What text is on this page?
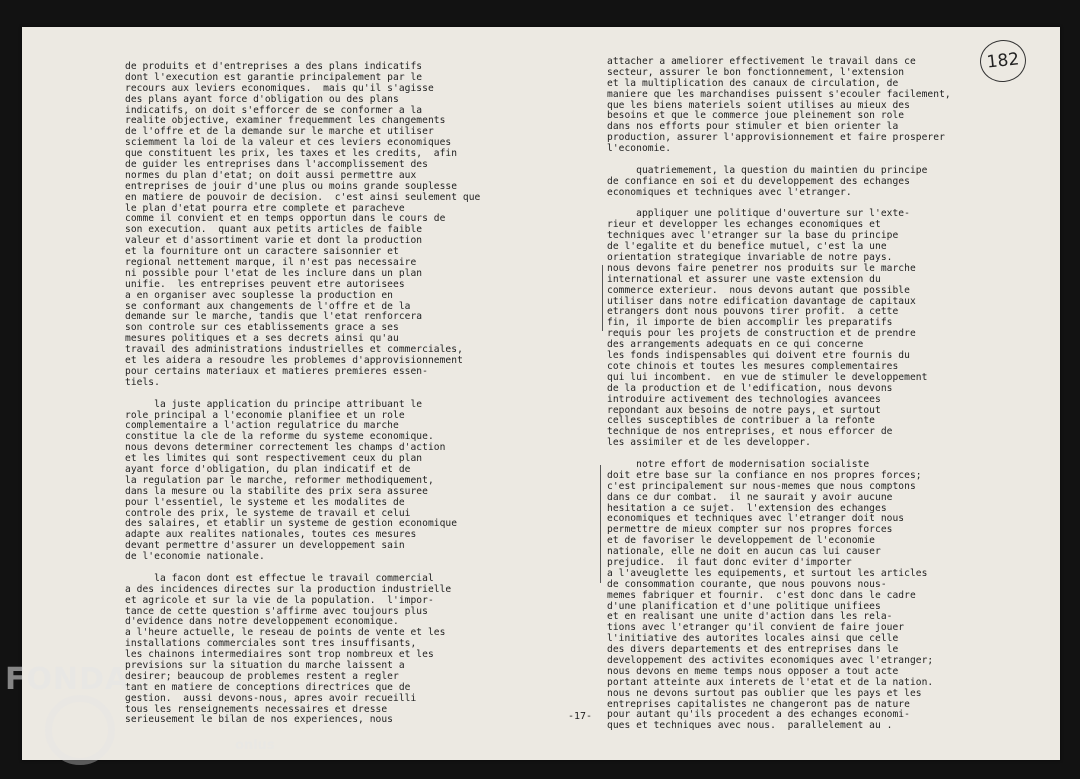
182
de produits et d'entreprises a des plans indicatifs
dont l'execution est garantie principalement par le
recours aux leviers economiques.  mais qu'il s'agisse
des plans ayant force d'obligation ou des plans
indicatifs, on doit s'efforcer de se conformer a la
realite objective, examiner frequemment les changements
de l'offre et de la demande sur le marche et utiliser
sciemment la loi de la valeur et ces leviers economiques
que constituent les prix, les taxes et les credits,  afin
de guider les entreprises dans l'accomplissement des
normes du plan d'etat; on doit aussi permettre aux
entreprises de jouir d'une plus ou moins grande souplesse
en matiere de pouvoir de decision.  c'est ainsi seulement que
le plan d'etat pourra etre complete et paracheve
comme il convient et en temps opportun dans le cours de
son execution.  quant aux petits articles de faible
valeur et d'assortiment varie et dont la production
et la fourniture ont un caractere saisonnier et
regional nettement marque, il n'est pas necessaire
ni possible pour l'etat de les inclure dans un plan
unifie.  les entreprises peuvent etre autorisees
a en organiser avec souplesse la production en
se conformant aux changements de l'offre et de la
demande sur le marche, tandis que l'etat renforcera
son controle sur ces etablissements grace a ses
mesures politiques et a ses decrets ainsi qu'au
travail des administrations industrielles et commerciales,
et les aidera a resoudre les problemes d'approvisionnement
pour certains materiaux et matieres premieres essen-
tiels.
la juste application du principe attribuant le
role principal a l'economie planifiee et un role
complementaire a l'action regulatrice du marche
constitue la cle de la reforme du systeme economique.
nous devons determiner correctement les champs d'action
et les limites qui sont respectivement ceux du plan
ayant force d'obligation, du plan indicatif et de
la regulation par le marche, reformer methodiquement,
dans la mesure ou la stabilite des prix sera assuree
pour l'essentiel, le systeme et les modalites de
controle des prix, le systeme de travail et celui
des salaires, et etablir un systeme de gestion economique
adapte aux realites nationales, toutes ces mesures
devant permettre d'assurer un developpement sain
de l'economie nationale.
la facon dont est effectue le travail commercial
a des incidences directes sur la production industrielle
et agricole et sur la vie de la population.  l'impor-
tance de cette question s'affirme avec toujours plus
d'evidence dans notre developpement economique.
a l'heure actuelle, le reseau de points de vente et les
installations commerciales sont tres insuffisants,
les chainons intermediaires sont trop nombreux et les
previsions sur la situation du marche laissent a
desirer; beaucoup de problemes restent a regler
tant en matiere de conceptions directrices que de
gestion.  aussi devons-nous, apres avoir recueilli
tous les renseignements necessaires et dresse
serieusement le bilan de nos experiences, nous
attacher a ameliorer effectivement le travail dans ce
secteur, assurer le bon fonctionnement, l'extension
et la multiplication des canaux de circulation, de
maniere que les marchandises puissent s'ecouler facilement,
que les biens materiels soient utilises au mieux des
besoins et que le commerce joue pleinement son role
dans nos efforts pour stimuler et bien orienter la
production, assurer l'approvisionnement et faire prosperer
l'economie.
quatriemement, la question du maintien du principe
de confiance en soi et du developpement des echanges
economiques et techniques avec l'etranger.
appliquer une politique d'ouverture sur l'exte-
rieur et developper les echanges economiques et
techniques avec l'etranger sur la base du principe
de l'egalite et du benefice mutuel, c'est la une
orientation strategique invariable de notre pays.
nous devons faire penetrer nos produits sur le marche
international et assurer une vaste extension du
commerce exterieur.  nous devons autant que possible
utiliser dans notre edification davantage de capitaux
etrangers dont nous pouvons tirer profit.  a cette
fin, il importe de bien accomplir les preparatifs
requis pour les projets de construction et de prendre
des arrangements adequats en ce qui concerne
les fonds indispensables qui doivent etre fournis du
cote chinois et toutes les mesures complementaires
qui lui incombent.  en vue de stimuler le developpement
de la production et de l'edification, nous devons
introduire activement des technologies avancees
repondant aux besoins de notre pays, et surtout
celles susceptibles de contribuer a la refonte
technique de nos entreprises, et nous efforcer de
les assimiler et de les developper.
notre effort de modernisation socialiste
doit etre base sur la confiance en nos propres forces;
c'est principalement sur nous-memes que nous comptons
dans ce dur combat.  il ne saurait y avoir aucune
hesitation a ce sujet.  l'extension des echanges
economiques et techniques avec l'etranger doit nous
permettre de mieux compter sur nos propres forces
et de favoriser le developpement de l'economie
nationale, elle ne doit en aucun cas lui causer
prejudice.  il faut donc eviter d'importer
a l'aveuglette les equipements, et surtout les articles
de consommation courante, que nous pouvons nous-
memes fabriquer et fournir.  c'est donc dans le cadre
d'une planification et d'une politique unifiees
et en realisant une unite d'action dans les rela-
tions avec l'etranger qu'il convient de faire jouer
l'initiative des autorites locales ainsi que celle
des divers departements et des entreprises dans le
developpement des activites economiques avec l'etranger;
nous devons en meme temps nous opposer a tout acte
portant atteinte aux interets de l'etat et de la nation.
nous ne devons surtout pas oublier que les pays et les
entreprises capitalistes ne changeront pas de nature
pour autant qu'ils procedent a des echanges economi-
ques et techniques avec nous.  parallelement au .
-17-
FONDA
onlus
